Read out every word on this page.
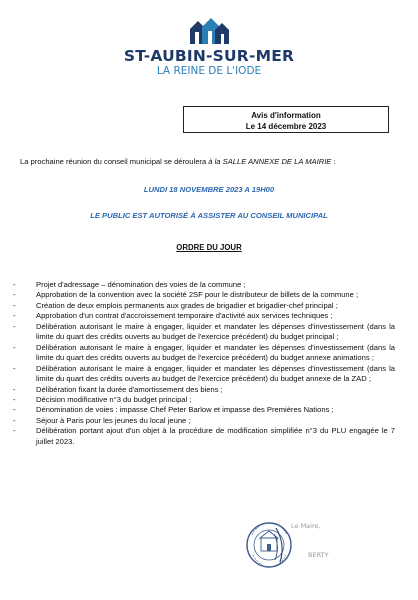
ST-AUBIN-SUR-MER
LA REINE DE L'IODE
Avis d'information
Le 14 décembre 2023
La prochaine réunion du conseil municipal se déroulera à la SALLE ANNEXE DE LA MAIRIE :
LUNDI 18 NOVEMBRE 2023 A 19H00
LE PUBLIC EST AUTORISÉ À ASSISTER AU CONSEIL MUNICIPAL
ORDRE DU JOUR
-	Projet d'adressage – dénomination des voies de la commune ;
-	Approbation de la convention avec la société 2SF pour le distributeur de billets de la commune ;
-	Création de deux emplois permanents aux grades de brigadier et brigadier-chef principal ;
-	Approbation d'un contrat d'accroissement temporaire d'activité aux services techniques ;
-	Délibération autorisant le maire à engager, liquider et mandater les dépenses d'investissement (dans la limite du quart des crédits ouverts au budget de l'exercice précédent) du budget principal ;
-	Délibération autorisant le maire à engager, liquider et mandater les dépenses d'investissement (dans la limite du quart des crédits ouverts au budget de l'exercice précédent) du budget annexe animations ;
-	Délibération autorisant le maire à engager, liquider et mandater les dépenses d'investissement (dans la limite du quart des crédits ouverts au budget de l'exercice précédent) du budget annexe de la ZAD ;
-	Délibération fixant la durée d'amortissement des biens ;
-	Décision modificative n°3 du budget principal ;
-	Dénomination de voies : impasse Chef Peter Barlow et impasse des Premières Nations ;
-	Séjour à Paris pour les jeunes du local jeune ;
-	Délibération portant ajout d'un objet à la procédure de modification simplifiée n°3 du PLU engagée le 7 juillet 2023.
Le Maire,
BERTY
